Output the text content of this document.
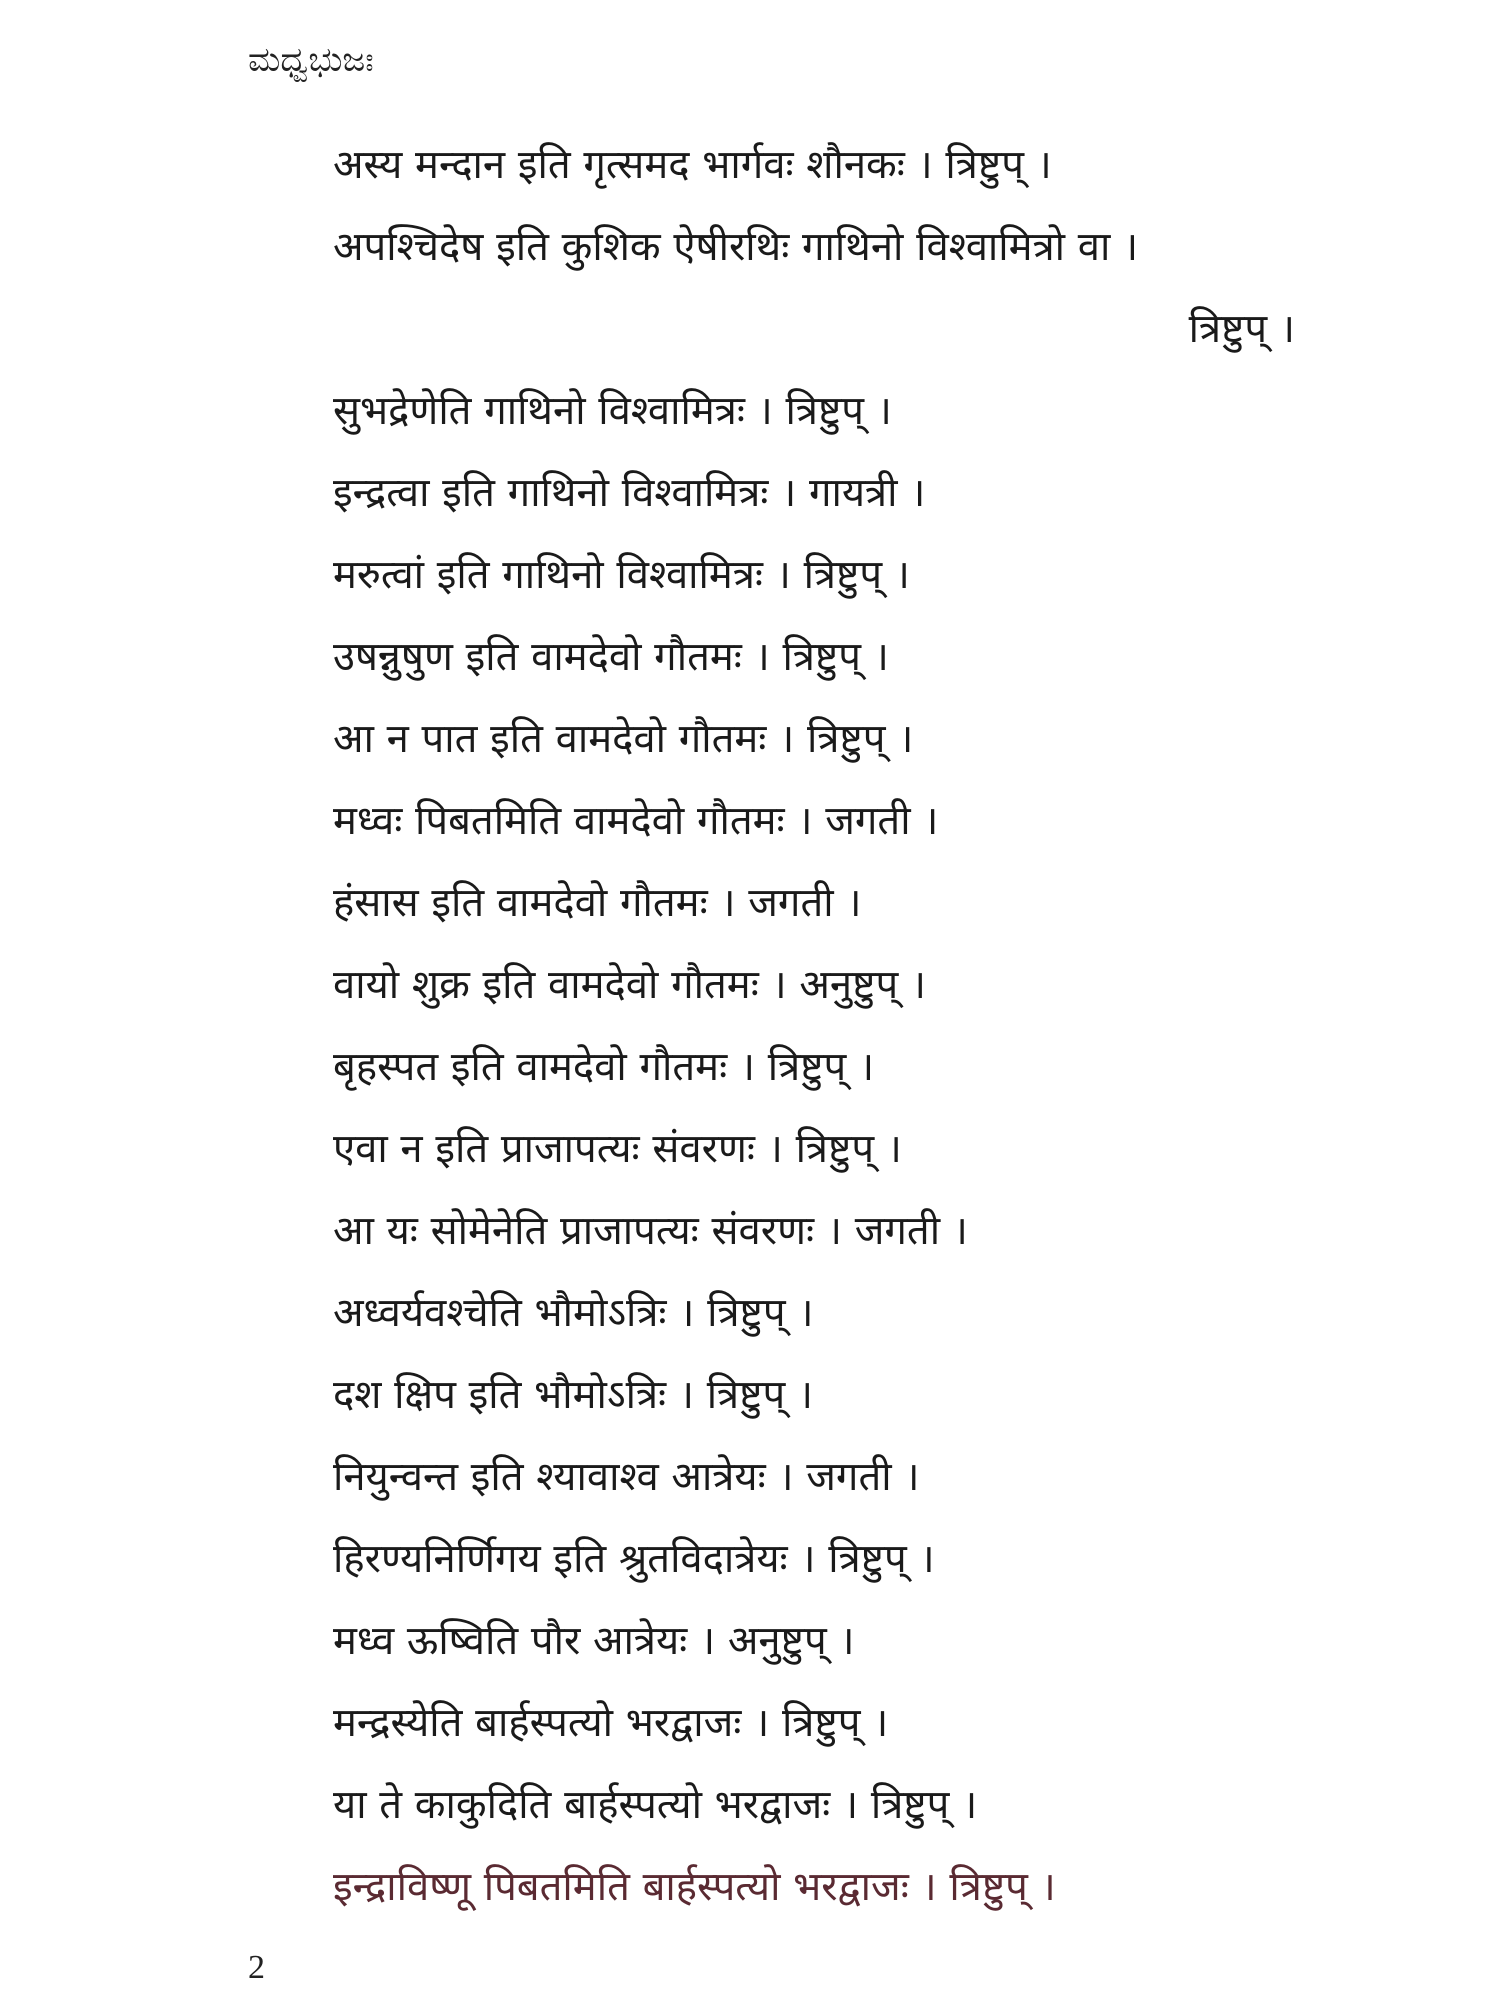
ಮಧ್ವಭುಜಃ
अस्य मन्दान इति गृत्समद भार्गवः शौनकः । त्रिष्टुप् ।
अपश्चिदेष इति कुशिक ऐषीरथिः गाथिनो विश्वामित्रो वा ।
त्रिष्टुप् ।
सुभद्रेणेति गाथिनो विश्वामित्रः । त्रिष्टुप् ।
इन्द्रत्वा इति गाथिनो विश्वामित्रः । गायत्री ।
मरुत्वां इति गाथिनो विश्वामित्रः । त्रिष्टुप् ।
उषन्नुषुण इति वामदेवो गौतमः । त्रिष्टुप् ।
आ न पात इति वामदेवो गौतमः । त्रिष्टुप् ।
मध्वः पिबतमिति वामदेवो गौतमः । जगती ।
हंसास इति वामदेवो गौतमः । जगती ।
वायो शुक्र इति वामदेवो गौतमः । अनुष्टुप् ।
बृहस्पत इति वामदेवो गौतमः । त्रिष्टुप् ।
एवा न इति प्राजापत्यः संवरणः । त्रिष्टुप् ।
आ यः सोमेनेति प्राजापत्यः संवरणः । जगती ।
अध्वर्यवश्चेति भौमोऽत्रिः । त्रिष्टुप् ।
दश क्षिप इति भौमोऽत्रिः । त्रिष्टुप् ।
नियुन्वन्त इति श्यावाश्व आत्रेयः । जगती ।
हिरण्यनिर्णिगय इति श्रुतविदात्रेयः । त्रिष्टुप् ।
मध्व ऊष्विति पौर आत्रेयः । अनुष्टुप् ।
मन्द्रस्येति बार्हस्पत्यो भरद्वाजः । त्रिष्टुप् ।
या ते काकुदिति बार्हस्पत्यो भरद्वाजः । त्रिष्टुप् ।
इन्द्राविष्णू पिबतमिति बार्हस्पत्यो भरद्वाजः । त्रिष्टुप् ।
2
